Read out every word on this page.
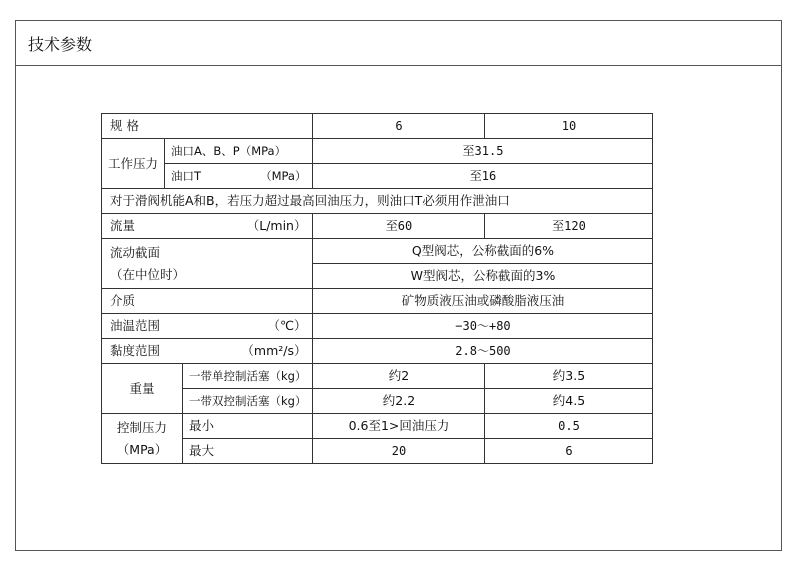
技术参数
规 格			6	10
工作压力	油口A、B、P（MPa）		至31.5	
	油口T （MPa）		至16	
对于滑阀机能A和B，若压力超过最高回油压力，则油口T必须用作泄油口				
流量 （L/min）			至60	至120

流动截面
（在中位时）			Q型阀芯，公称截面的6%	
			W型阀芯，公称截面的3%	
介质			矿物质液压油或磷酸脂液压油	
油温范围 （℃）			−30～+80	
黏度范围 （mm²/s）			2.8～500	
重量		一带单控制活塞（kg）	约2	约3.5
		一带双控制活塞（kg）	约2.2	约4.5

控制压力
（MPa）		最小	0.6至1>回油压力	0.5
		最大	20	6
